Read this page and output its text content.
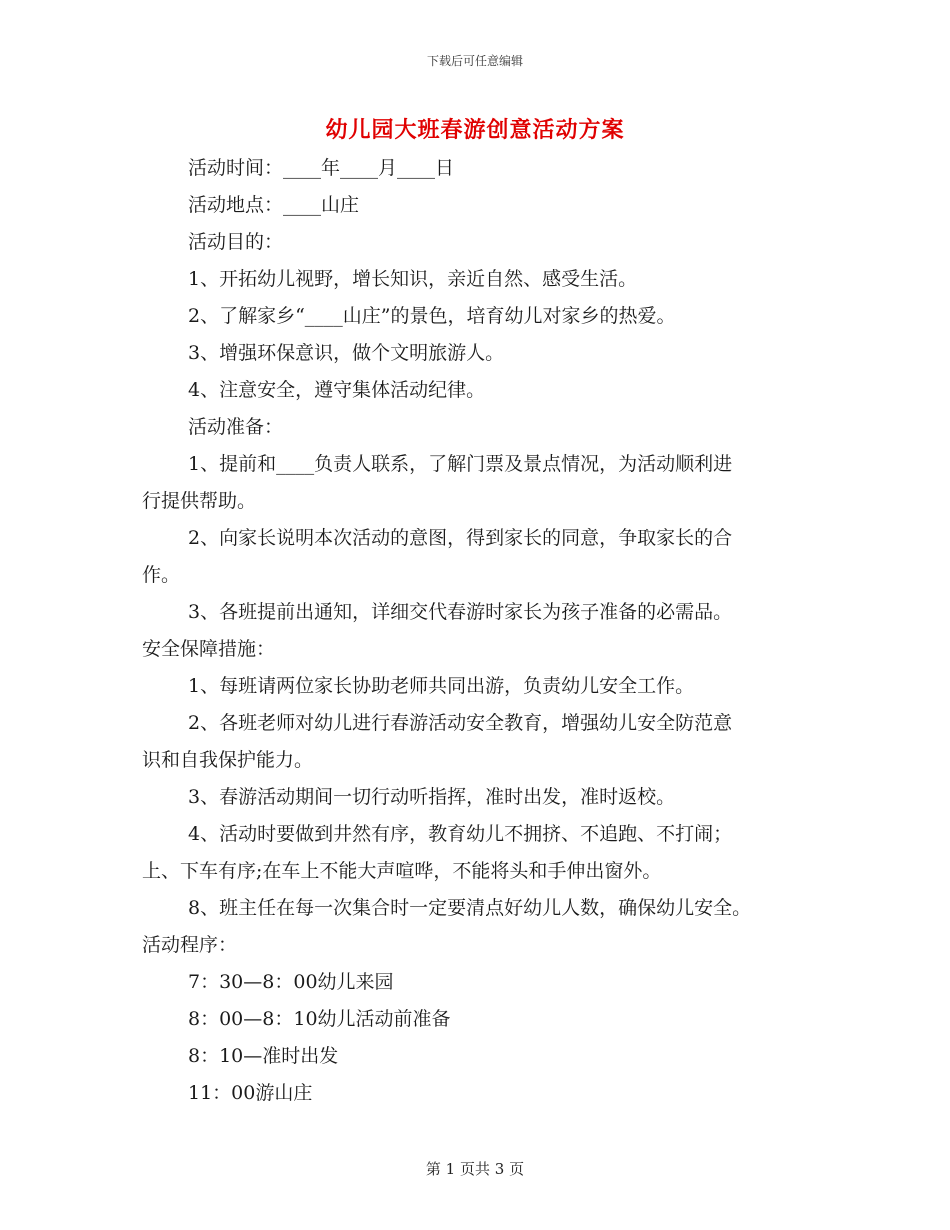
下载后可任意编辑
幼儿园大班春游创意活动方案
活动时间：____年____月____日
活动地点：____山庄
活动目的：
1、开拓幼儿视野，增长知识，亲近自然、感受生活。
2、了解家乡“____山庄”的景色，培育幼儿对家乡的热爱。
3、增强环保意识，做个文明旅游人。
4、注意安全，遵守集体活动纪律。
活动准备：
1、提前和____负责人联系，了解门票及景点情况，为活动顺利进
行提供帮助。
2、向家长说明本次活动的意图，得到家长的同意，争取家长的合
作。
3、各班提前出通知，详细交代春游时家长为孩子准备的必需品。
安全保障措施：
1、每班请两位家长协助老师共同出游，负责幼儿安全工作。
2、各班老师对幼儿进行春游活动安全教育，增强幼儿安全防范意
识和自我保护能力。
3、春游活动期间一切行动听指挥，准时出发，准时返校。
4、活动时要做到井然有序，教育幼儿不拥挤、不追跑、不打闹；
上、下车有序;在车上不能大声喧哗，不能将头和手伸出窗外。
8、班主任在每一次集合时一定要清点好幼儿人数，确保幼儿安全。
活动程序：
7：30—8：00幼儿来园
8：00—8：10幼儿活动前准备
8：10—准时出发
11：00游山庄
第 1 页共 3 页
